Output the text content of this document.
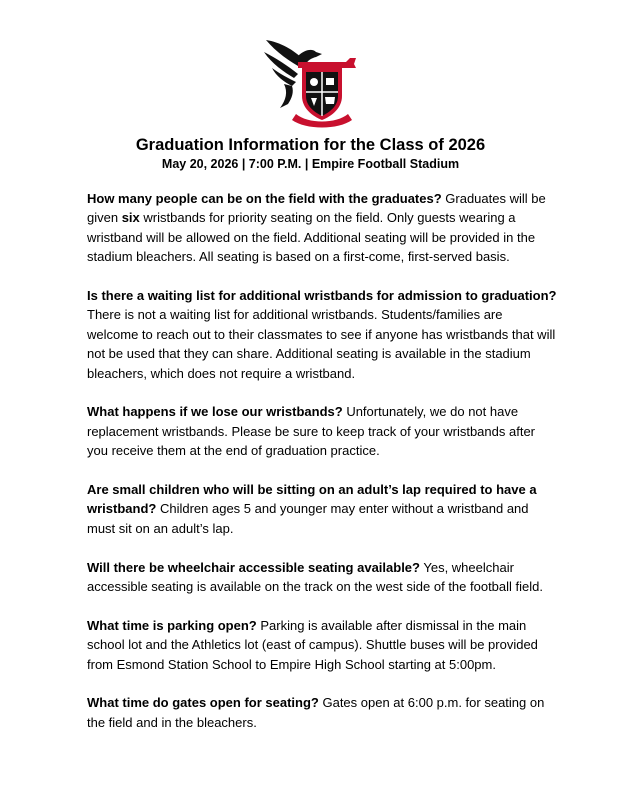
Graduation Information for the Class of 2026
May 20, 2026 | 7:00 P.M. | Empire Football Stadium

How many people can be on the field with the graduates? Graduates will be given six wristbands for priority seating on the field. Only guests wearing a wristband will be allowed on the field. Additional seating will be provided in the stadium bleachers. All seating is based on a first-come, first-served basis.

Is there a waiting list for additional wristbands for admission to graduation? There is not a waiting list for additional wristbands. Students/families are welcome to reach out to their classmates to see if anyone has wristbands that will not be used that they can share. Additional seating is available in the stadium bleachers, which does not require a wristband.

What happens if we lose our wristbands? Unfortunately, we do not have replacement wristbands. Please be sure to keep track of your wristbands after you receive them at the end of graduation practice.

Are small children who will be sitting on an adult’s lap required to have a wristband? Children ages 5 and younger may enter without a wristband and must sit on an adult’s lap.

Will there be wheelchair accessible seating available? Yes, wheelchair accessible seating is available on the track on the west side of the football field.

What time is parking open? Parking is available after dismissal in the main school lot and the Athletics lot (east of campus). Shuttle buses will be provided from Esmond Station School to Empire High School starting at 5:00pm.

What time do gates open for seating? Gates open at 6:00 p.m. for seating on the field and in the bleachers.
